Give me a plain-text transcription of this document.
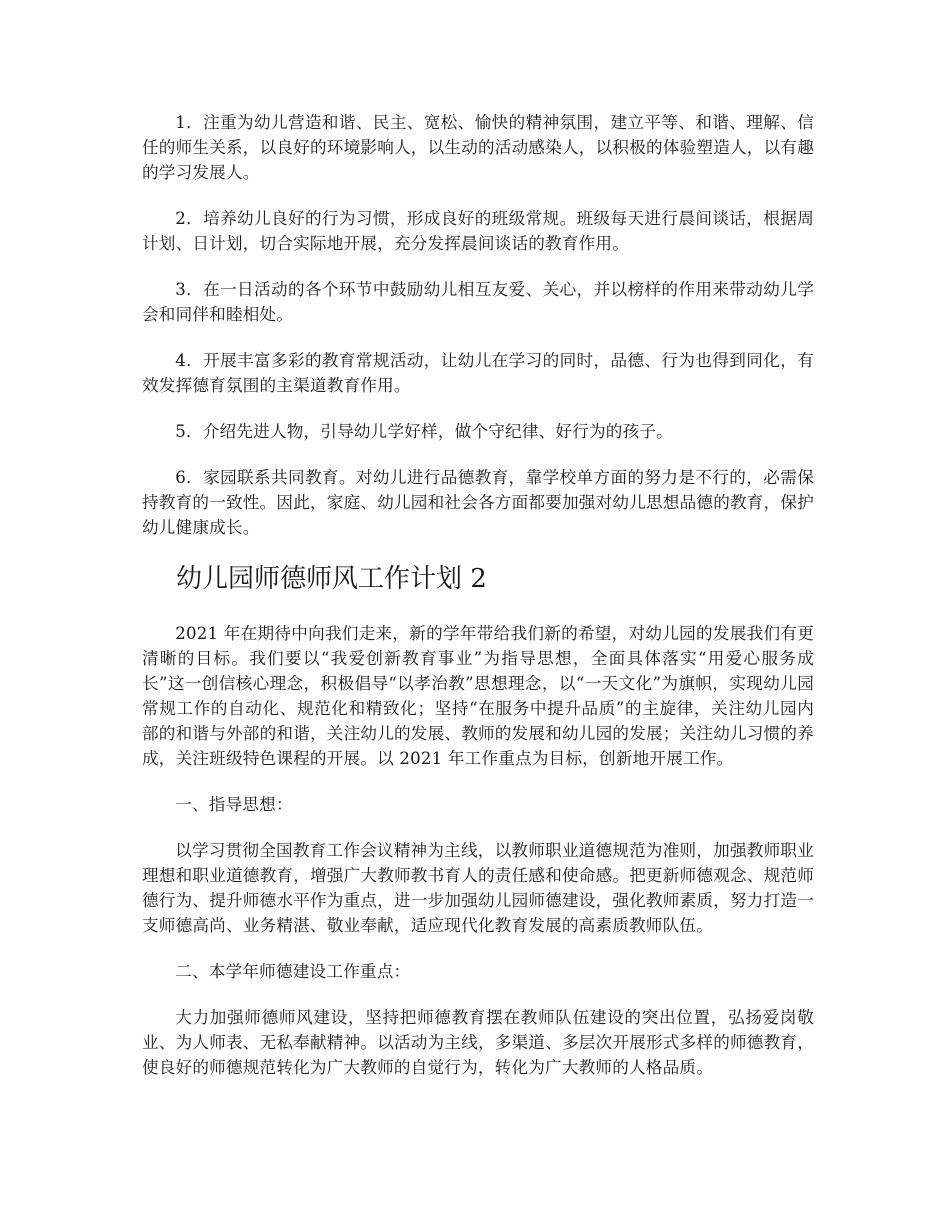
1．注重为幼儿营造和谐、民主、宽松、愉快的精神氛围，建立平等、和谐、理解、信任的师生关系，以良好的环境影响人，以生动的活动感染人，以积极的体验塑造人，以有趣的学习发展人。

2．培养幼儿良好的行为习惯，形成良好的班级常规。班级每天进行晨间谈话，根据周计划、日计划，切合实际地开展，充分发挥晨间谈话的教育作用。

3．在一日活动的各个环节中鼓励幼儿相互友爱、关心，并以榜样的作用来带动幼儿学会和同伴和睦相处。

4．开展丰富多彩的教育常规活动，让幼儿在学习的同时，品德、行为也得到同化，有效发挥德育氛围的主渠道教育作用。

5．介绍先进人物，引导幼儿学好样，做个守纪律、好行为的孩子。

6．家园联系共同教育。对幼儿进行品德教育，靠学校单方面的努力是不行的，必需保持教育的一致性。因此，家庭、幼儿园和社会各方面都要加强对幼儿思想品德的教育，保护幼儿健康成长。

幼儿园师德师风工作计划 2

2021 年在期待中向我们走来，新的学年带给我们新的希望，对幼儿园的发展我们有更清晰的目标。我们要以“我爱创新教育事业”为指导思想，全面具体落实“用爱心服务成长”这一创信核心理念，积极倡导“以孝治教”思想理念，以“一天文化”为旗帜，实现幼儿园常规工作的自动化、规范化和精致化；坚持“在服务中提升品质”的主旋律，关注幼儿园内部的和谐与外部的和谐，关注幼儿的发展、教师的发展和幼儿园的发展；关注幼儿习惯的养成，关注班级特色课程的开展。以 2021 年工作重点为目标，创新地开展工作。

一、指导思想：

以学习贯彻全国教育工作会议精神为主线，以教师职业道德规范为准则，加强教师职业理想和职业道德教育，增强广大教师教书育人的责任感和使命感。把更新师德观念、规范师德行为、提升师德水平作为重点，进一步加强幼儿园师德建设，强化教师素质，努力打造一支师德高尚、业务精湛、敬业奉献，适应现代化教育发展的高素质教师队伍。

二、本学年师德建设工作重点：

大力加强师德师风建设，坚持把师德教育摆在教师队伍建设的突出位置，弘扬爱岗敬业、为人师表、无私奉献精神。以活动为主线，多渠道、多层次开展形式多样的师德教育，使良好的师德规范转化为广大教师的自觉行为，转化为广大教师的人格品质。
